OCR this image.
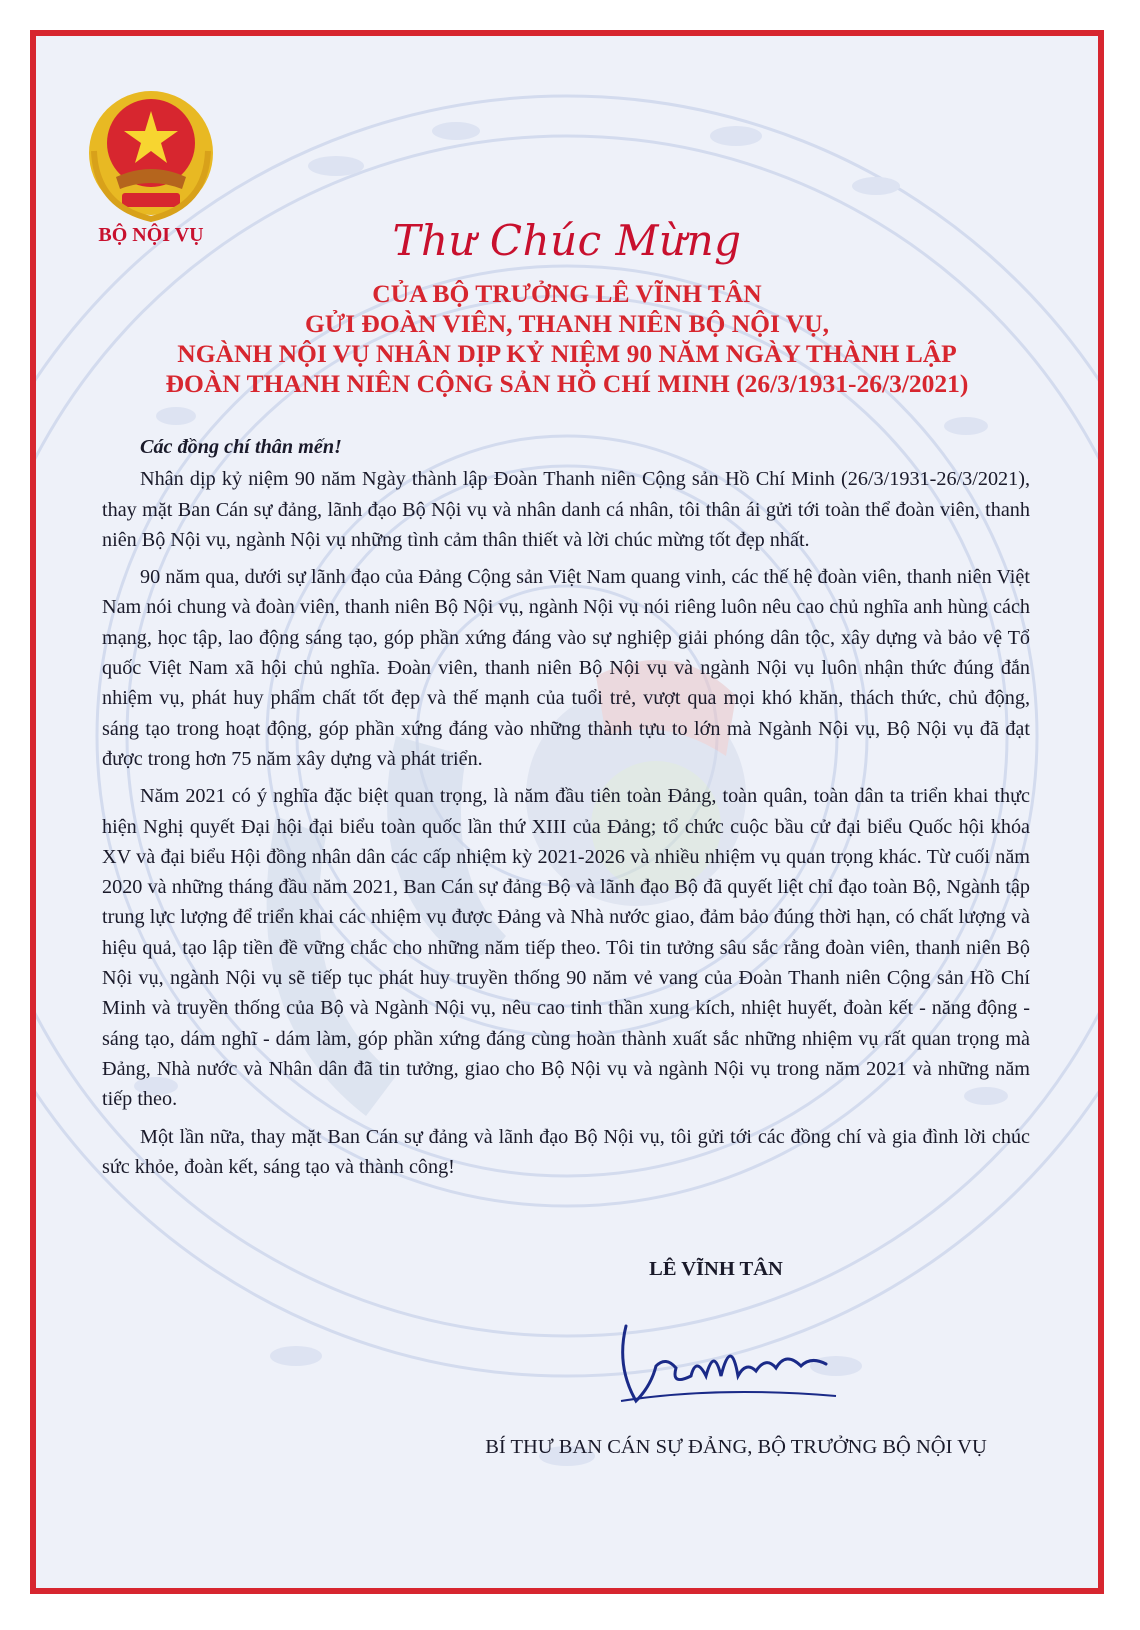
BỘ NỘI VỤ	Thư Chúc Mừng
CỦA BỘ TRƯỞNG LÊ VĨNH TÂN
GỬI ĐOÀN VIÊN, THANH NIÊN BỘ NỘI VỤ,
NGÀNH NỘI VỤ NHÂN DỊP KỶ NIỆM 90 NĂM NGÀY THÀNH LẬP
ĐOÀN THANH NIÊN CỘNG SẢN HỒ CHÍ MINH (26/3/1931-26/3/2021)

Các đồng chí thân mến!

Nhân dịp kỷ niệm 90 năm Ngày thành lập Đoàn Thanh niên Cộng sản Hồ Chí Minh (26/3/1931-26/3/2021), thay mặt Ban Cán sự đảng, lãnh đạo Bộ Nội vụ và nhân danh cá nhân, tôi thân ái gửi tới toàn thể đoàn viên, thanh niên Bộ Nội vụ, ngành Nội vụ những tình cảm thân thiết và lời chúc mừng tốt đẹp nhất.

90 năm qua, dưới sự lãnh đạo của Đảng Cộng sản Việt Nam quang vinh, các thế hệ đoàn viên, thanh niên Việt Nam nói chung và đoàn viên, thanh niên Bộ Nội vụ, ngành Nội vụ nói riêng luôn nêu cao chủ nghĩa anh hùng cách mạng, học tập, lao động sáng tạo, góp phần xứng đáng vào sự nghiệp giải phóng dân tộc, xây dựng và bảo vệ Tổ quốc Việt Nam xã hội chủ nghĩa. Đoàn viên, thanh niên Bộ Nội vụ và ngành Nội vụ luôn nhận thức đúng đắn nhiệm vụ, phát huy phẩm chất tốt đẹp và thế mạnh của tuổi trẻ, vượt qua mọi khó khăn, thách thức, chủ động, sáng tạo trong hoạt động, góp phần xứng đáng vào những thành tựu to lớn mà Ngành Nội vụ, Bộ Nội vụ đã đạt được trong hơn 75 năm xây dựng và phát triển.

Năm 2021 có ý nghĩa đặc biệt quan trọng, là năm đầu tiên toàn Đảng, toàn quân, toàn dân ta triển khai thực hiện Nghị quyết Đại hội đại biểu toàn quốc lần thứ XIII của Đảng; tổ chức cuộc bầu cử đại biểu Quốc hội khóa XV và đại biểu Hội đồng nhân dân các cấp nhiệm kỳ 2021-2026 và nhiều nhiệm vụ quan trọng khác. Từ cuối năm 2020 và những tháng đầu năm 2021, Ban Cán sự đảng Bộ và lãnh đạo Bộ đã quyết liệt chỉ đạo toàn Bộ, Ngành tập trung lực lượng để triển khai các nhiệm vụ được Đảng và Nhà nước giao, đảm bảo đúng thời hạn, có chất lượng và hiệu quả, tạo lập tiền đề vững chắc cho những năm tiếp theo. Tôi tin tưởng sâu sắc rằng đoàn viên, thanh niên Bộ Nội vụ, ngành Nội vụ sẽ tiếp tục phát huy truyền thống 90 năm vẻ vang của Đoàn Thanh niên Cộng sản Hồ Chí Minh và truyền thống của Bộ và Ngành Nội vụ, nêu cao tinh thần xung kích, nhiệt huyết, đoàn kết - năng động - sáng tạo, dám nghĩ - dám làm, góp phần xứng đáng cùng hoàn thành xuất sắc những nhiệm vụ rất quan trọng mà Đảng, Nhà nước và Nhân dân đã tin tưởng, giao cho Bộ Nội vụ và ngành Nội vụ trong năm 2021 và những năm tiếp theo.

Một lần nữa, thay mặt Ban Cán sự đảng và lãnh đạo Bộ Nội vụ, tôi gửi tới các đồng chí và gia đình lời chúc sức khỏe, đoàn kết, sáng tạo và thành công!

LÊ VĨNH TÂN
BÍ THƯ BAN CÁN SỰ ĐẢNG, BỘ TRƯỞNG BỘ NỘI VỤ
